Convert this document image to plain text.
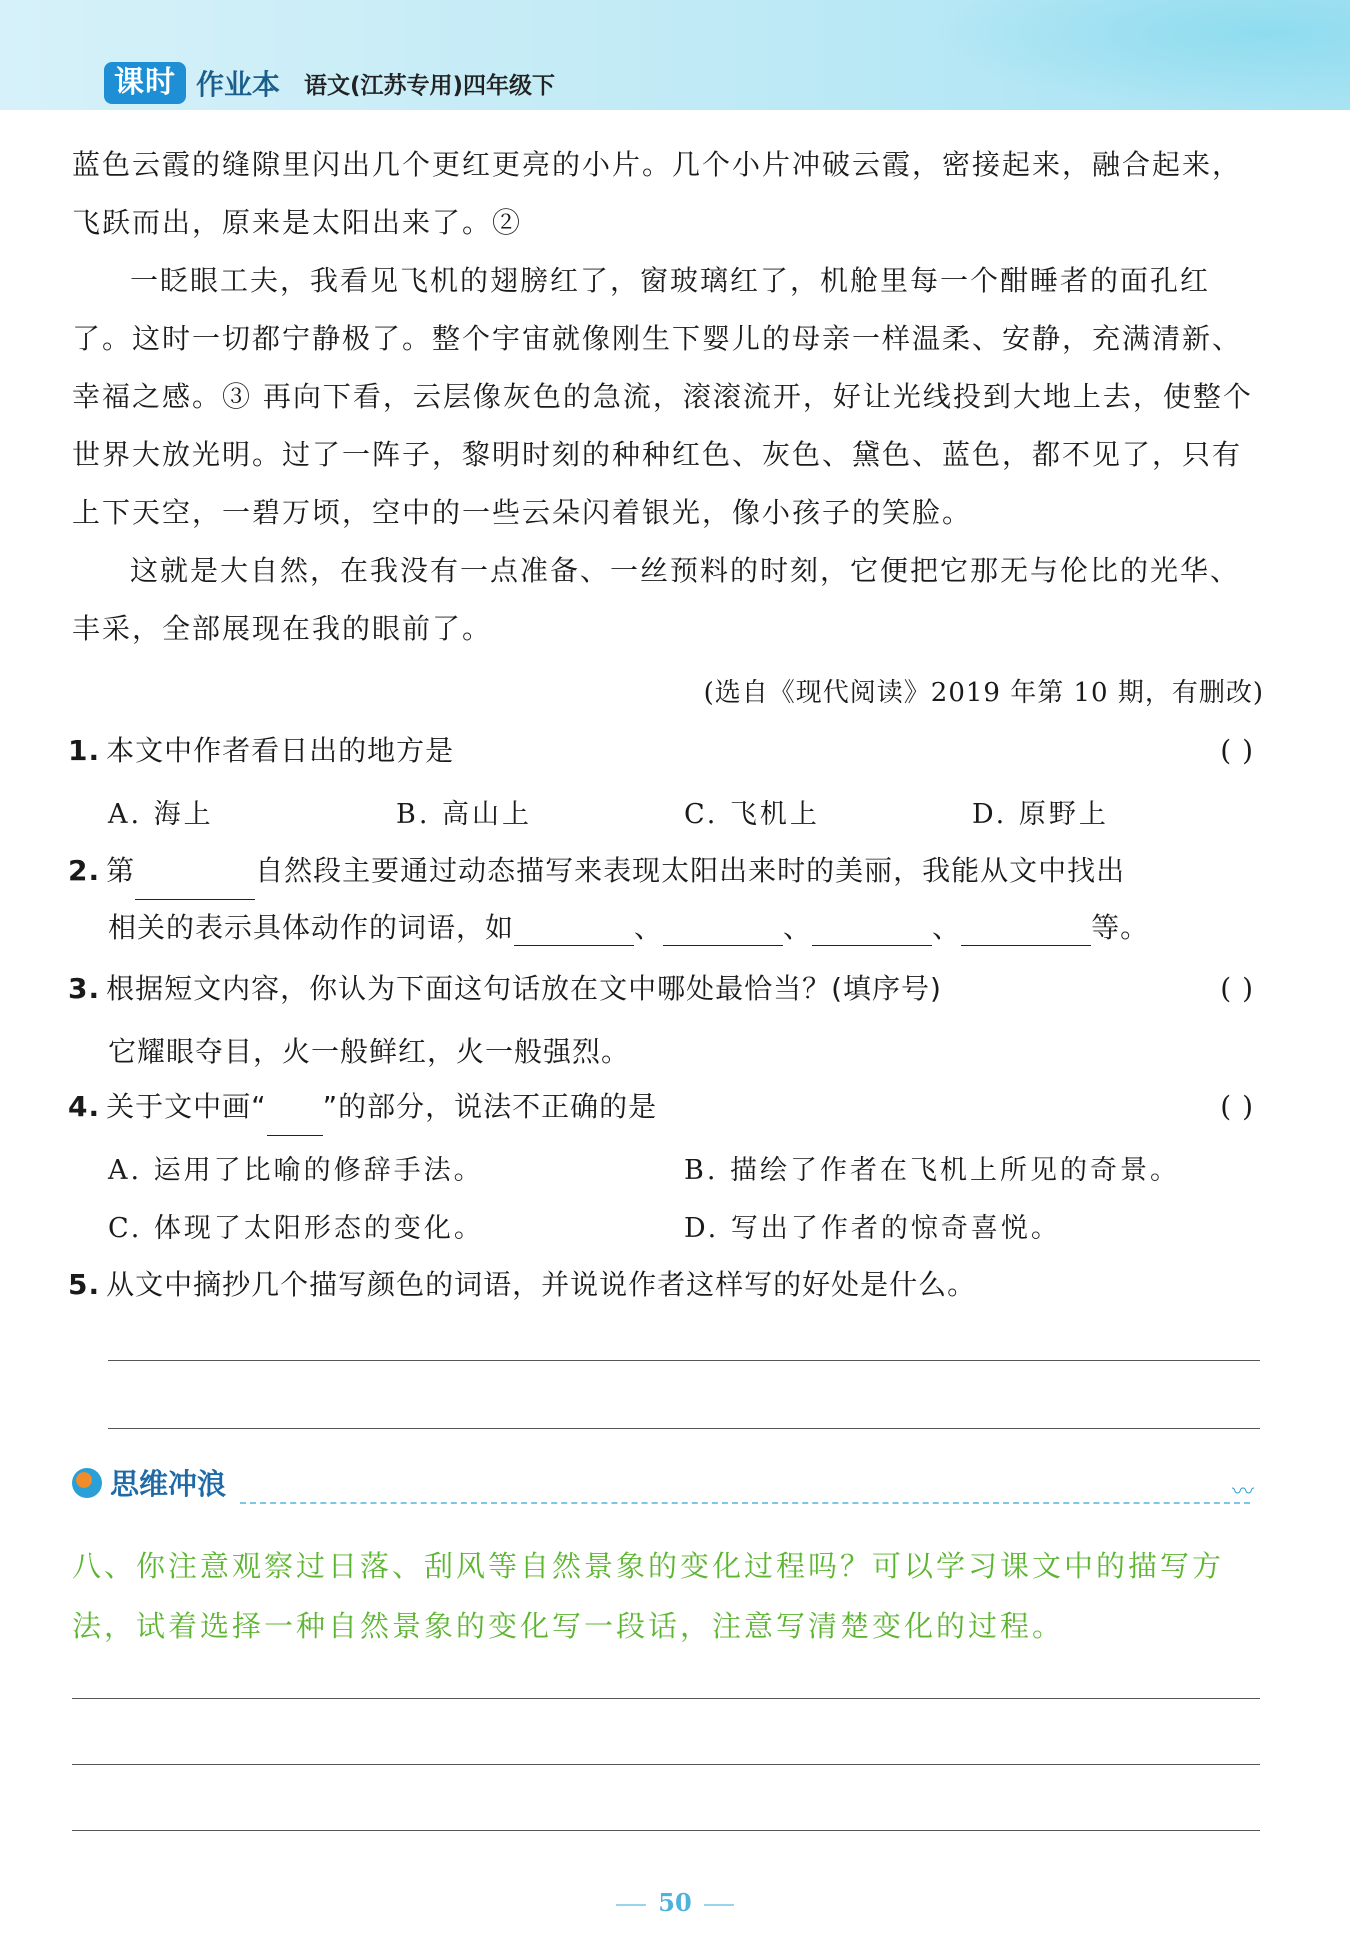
课时 作业本 语文(江苏专用)四年级下

蓝色云霞的缝隙里闪出几个更红更亮的小片。几个小片冲破云霞，密接起来，融合起来，飞跃而出，原来是太阳出来了。②

一眨眼工夫，我看见飞机的翅膀红了，窗玻璃红了，机舱里每一个酣睡者的面孔红了。这时一切都宁静极了。整个宇宙就像刚生下婴儿的母亲一样温柔、安静，充满清新、幸福之感。③ 再向下看，云层像灰色的急流，滚滚流开，好让光线投到大地上去，使整个世界大放光明。过了一阵子，黎明时刻的种种红色、灰色、黛色、蓝色，都不见了，只有上下天空，一碧万顷，空中的一些云朵闪着银光，像小孩子的笑脸。

这就是大自然，在我没有一点准备、一丝预料的时刻，它便把它那无与伦比的光华、丰采，全部展现在我的眼前了。

(选自《现代阅读》2019 年第 10 期，有删改)
1. 本文中作者看日出的地方是	( )
A. 海上	B. 高山上	C. 飞机上	D. 原野上
2. 第	自然段主要通过动态描写来表现太阳出来时的美丽，我能从文中找出
相关的表示具体动作的词语，如	、	、	、	等。
3. 根据短文内容，你认为下面这句话放在文中哪处最恰当？(填序号)	( )
它耀眼夺目，火一般鲜红，火一般强烈。
4. 关于文中画“ ”的部分，说法不正确的是	( )
A. 运用了比喻的修辞手法。	B. 描绘了作者在飞机上所见的奇景。
C. 体现了太阳形态的变化。	D. 写出了作者的惊奇喜悦。
5. 从文中摘抄几个描写颜色的词语，并说说作者这样写的好处是什么。
思维冲浪	〰
八、你注意观察过日落、刮风等自然景象的变化过程吗？可以学习课文中的描写方法，试着选择一种自然景象的变化写一段话，注意写清楚变化的过程。
50
